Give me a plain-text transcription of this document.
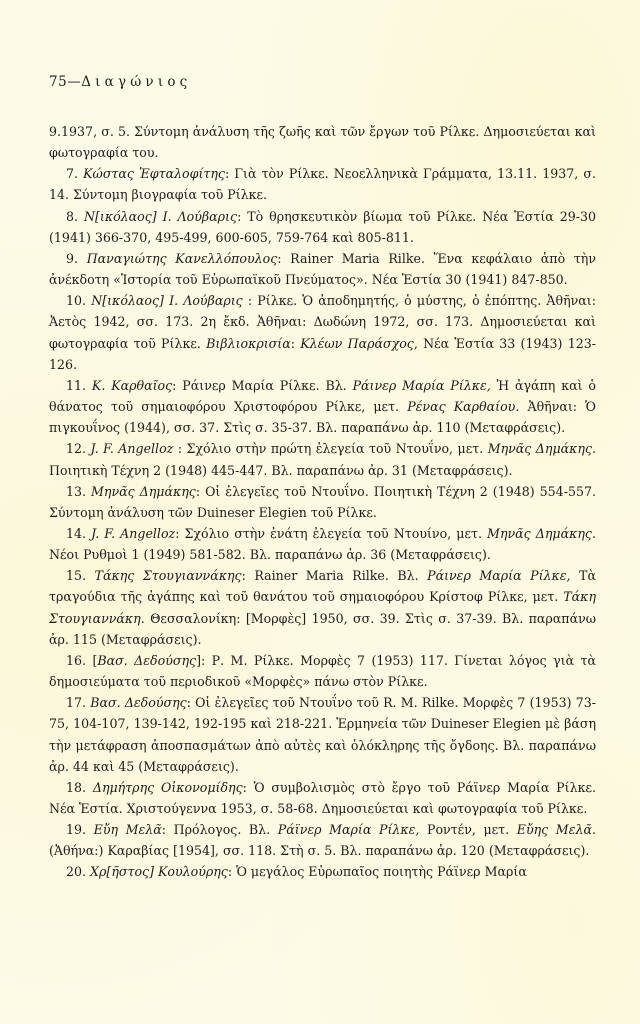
75—Διαγώνιος

9.1937, σ. 5. Σύντομη ἀνάλυση τῆς ζωῆς καὶ τῶν ἔργων τοῦ Ρίλκε. Δημοσιεύεται καὶ φωτογραφία του.

7. Κώστας Ἐφταλοφίτης: Γιὰ τὸν Ρίλκε. Νεοελληνικὰ Γράμματα, 13.11. 1937, σ. 14. Σύντομη βιογραφία τοῦ Ρίλκε.

8. Ν[ικόλαος] Ι. Λούβαρις: Τὸ θρησκευτικὸν βίωμα τοῦ Ρίλκε. Νέα Ἑστία 29-30 (1941) 366-370, 495-499, 600-605, 759-764 καὶ 805-811.

9. Παναγιώτης Κανελλόπουλος: Rainer Maria Rilke. Ἕνα κεφάλαιο ἀπὸ τὴν ἀνέκδοτη «Ἱστορία τοῦ Εὐρωπαϊκοῦ Πνεύματος». Νέα Ἑστία 30 (1941) 847-850.

10. Ν[ικόλαος] Ι. Λούβαρις : Ρίλκε. Ὁ ἀποδημητής, ὁ μύστης, ὁ ἐπόπτης. Ἀθῆναι: Ἀετὸς 1942, σσ. 173. 2η ἔκδ. Ἀθῆναι: Δωδώνη 1972, σσ. 173. Δημοσιεύεται καὶ φωτογραφία τοῦ Ρίλκε. Βιβλιοκρισία: Κλέων Παράσχος, Νέα Ἑστία 33 (1943) 123-126.

11. Κ. Καρθαῖος: Ράινερ Μαρία Ρίλκε. Βλ. Ράινερ Μαρία Ρίλκε, Ἡ ἀγάπη καὶ ὁ θάνατος τοῦ σημαιοφόρου Χριστοφόρου Ρίλκε, μετ. Ρένας Καρθαίου. Ἀθῆναι: Ὁ πιγκουΐνος (1944), σσ. 37. Στὶς σ. 35-37. Βλ. παραπάνω ἀρ. 110 (Μεταφράσεις).

12. J. F. Angelloz : Σχόλιο στὴν πρώτη ἐλεγεία τοῦ Ντουΐνο, μετ. Μηνᾶς Δημάκης. Ποιητικὴ Τέχνη 2 (1948) 445-447. Βλ. παραπάνω ἀρ. 31 (Μεταφράσεις).

13. Μηνᾶς Δημάκης: Οἱ ἐλεγεῖες τοῦ Ντουΐνο. Ποιητικὴ Τέχνη 2 (1948) 554-557. Σύντομη ἀνάλυση τῶν Duineser Elegien τοῦ Ρίλκε.

14. J. F. Angelloz: Σχόλιο στὴν ἐνάτη ἐλεγεία τοῦ Ντουίνο, μετ. Μηνᾶς Δημάκης. Νέοι Ρυθμοὶ 1 (1949) 581-582. Βλ. παραπάνω ἀρ. 36 (Μεταφράσεις).

15. Τάκης Στουγιαννάκης: Rainer Maria Rilke. Βλ. Ράινερ Μαρία Ρίλκε, Τὰ τραγούδια τῆς ἀγάπης καὶ τοῦ θανάτου τοῦ σημαιοφόρου Κρίστοφ Ρίλκε, μετ. Τάκη Στουγιαννάκη. Θεσσαλονίκη: [Μορφὲς] 1950, σσ. 39. Στὶς σ. 37-39. Βλ. παραπάνω ἀρ. 115 (Μεταφράσεις).

16. [Βασ. Δεδούσης]: Ρ. Μ. Ρίλκε. Μορφὲς 7 (1953) 117. Γίνεται λόγος γιὰ τὰ δημοσιεύματα τοῦ περιοδικοῦ «Μορφὲς» πάνω στὸν Ρίλκε.

17. Βασ. Δεδούσης: Οἱ ἐλεγεῖες τοῦ Ντουΐνο τοῦ R. M. Rilke. Μορφὲς 7 (1953) 73-75, 104-107, 139-142, 192-195 καὶ 218-221. Ἑρμηνεία τῶν Duineser Elegien μὲ βάση τὴν μετάφραση ἀποσπασμάτων ἀπὸ αὐτὲς καὶ ὁλόκληρης τῆς ὄγδοης. Βλ. παραπάνω ἀρ. 44 καὶ 45 (Μεταφράσεις).

18. Δημήτρης Οἰκονομίδης: Ὁ συμβολισμὸς στὸ ἔργο τοῦ Ράϊνερ Μαρία Ρίλκε. Νέα Ἑστία. Χριστούγεννα 1953, σ. 58-68. Δημοσιεύεται καὶ φωτογραφία τοῦ Ρίλκε.

19. Εὔη Μελᾶ: Πρόλογος. Βλ. Ράϊνερ Μαρία Ρίλκε, Ροντέν, μετ. Εὔης Μελᾶ. (Ἀθήνα:) Καραβίας [1954], σσ. 118. Στὴ σ. 5. Βλ. παραπάνω ἀρ. 120 (Μεταφράσεις).

20. Χρ[ῆστος] Κουλούρης: Ὁ μεγάλος Εὐρωπαῖος ποιητὴς Ράϊνερ Μαρία
